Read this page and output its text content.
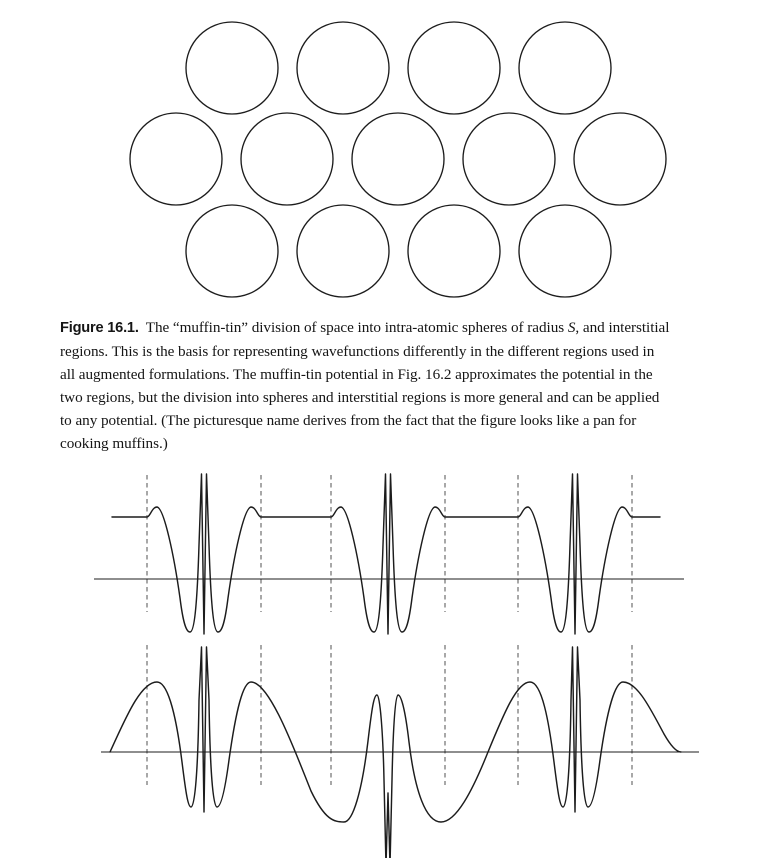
Figure 16.1. The “muffin-tin” division of space into intra-atomic spheres of radius S, and interstitial
regions. This is the basis for representing wavefunctions differently in the different regions used in
all augmented formulations. The muffin-tin potential in Fig. 16.2 approximates the potential in the
two regions, but the division into spheres and interstitial regions is more general and can be applied
to any potential. (The picturesque name derives from the fact that the figure looks like a pan for
cooking muffins.)
